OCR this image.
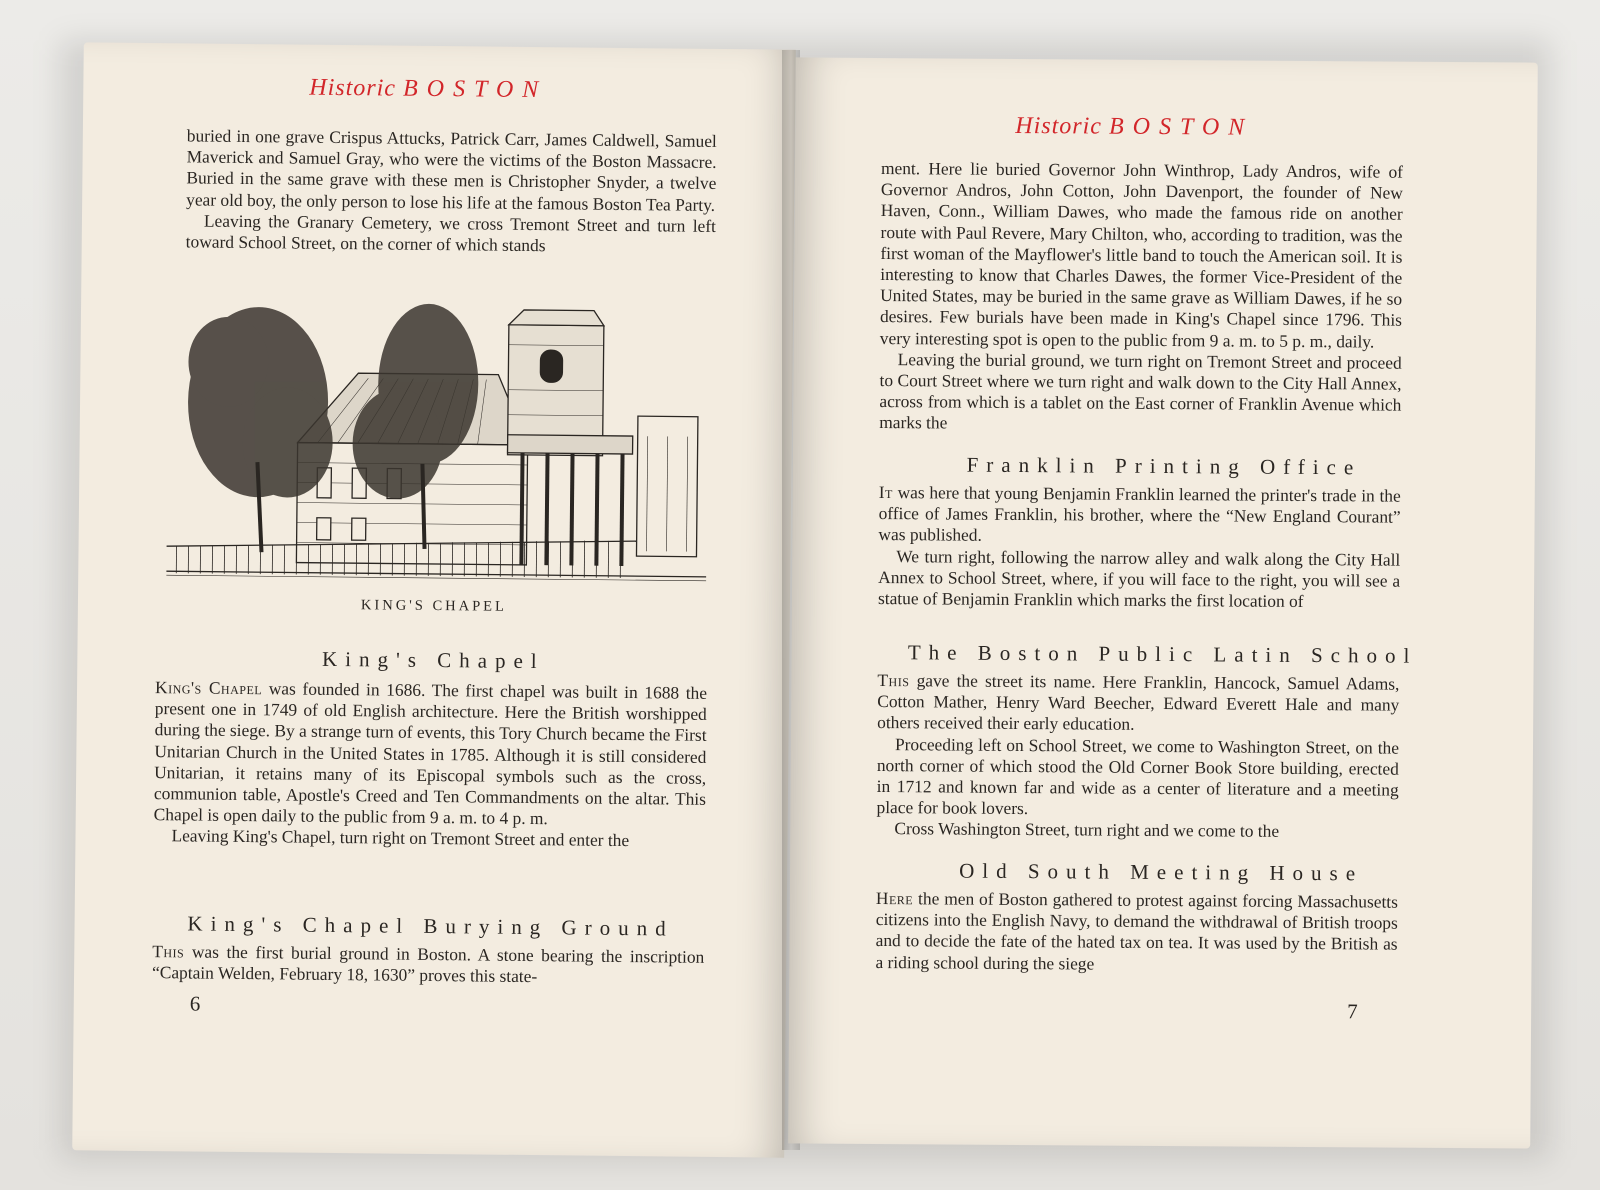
Historic BOSTON

buried in one grave Crispus Attucks, Patrick Carr, James Caldwell, Samuel Maverick and Samuel Gray, who were the victims of the Boston Massacre. Buried in the same grave with these men is Christopher Snyder, a twelve year old boy, the only person to lose his life at the famous Boston Tea Party.

Leaving the Granary Cemetery, we cross Tremont Street and turn left toward School Street, on the corner of which stands

KING'S CHAPEL
King's Chapel

King's Chapel was founded in 1686. The first chapel was built in 1688 the present one in 1749 of old English architecture. Here the British worshipped during the siege. By a strange turn of events, this Tory Church became the First Unitarian Church in the United States in 1785. Although it is still considered Unitarian, it retains many of its Episcopal symbols such as the cross, communion table, Apostle's Creed and Ten Commandments on the altar. This Chapel is open daily to the public from 9 a. m. to 4 p. m.

Leaving King's Chapel, turn right on Tremont Street and enter the

King's Chapel Burying Ground

This was the first burial ground in Boston. A stone bearing the inscription “Captain Welden, February 18, 1630” proves this state-

6
Historic BOSTON

ment. Here lie buried Governor John Winthrop, Lady Andros, wife of Governor Andros, John Cotton, John Davenport, the founder of New Haven, Conn., William Dawes, who made the famous ride on another route with Paul Revere, Mary Chilton, who, according to tradition, was the first woman of the Mayflower's little band to touch the American soil. It is interesting to know that Charles Dawes, the former Vice-President of the United States, may be buried in the same grave as William Dawes, if he so desires. Few burials have been made in King's Chapel since 1796. This very interesting spot is open to the public from 9 a. m. to 5 p. m., daily.

Leaving the burial ground, we turn right on Tremont Street and proceed to Court Street where we turn right and walk down to the City Hall Annex, across from which is a tablet on the East corner of Franklin Avenue which marks the

Franklin Printing Office

It was here that young Benjamin Franklin learned the printer's trade in the office of James Franklin, his brother, where the “New England Courant” was published.

We turn right, following the narrow alley and walk along the City Hall Annex to School Street, where, if you will face to the right, you will see a statue of Benjamin Franklin which marks the first location of

The Boston Public Latin School

This gave the street its name. Here Franklin, Hancock, Samuel Adams, Cotton Mather, Henry Ward Beecher, Edward Everett Hale and many others received their early education.

Proceeding left on School Street, we come to Washington Street, on the north corner of which stood the Old Corner Book Store building, erected in 1712 and known far and wide as a center of literature and a meeting place for book lovers.

Cross Washington Street, turn right and we come to the

Old South Meeting House

Here the men of Boston gathered to protest against forcing Massachusetts citizens into the English Navy, to demand the withdrawal of British troops and to decide the fate of the hated tax on tea. It was used by the British as a riding school during the siege

7
